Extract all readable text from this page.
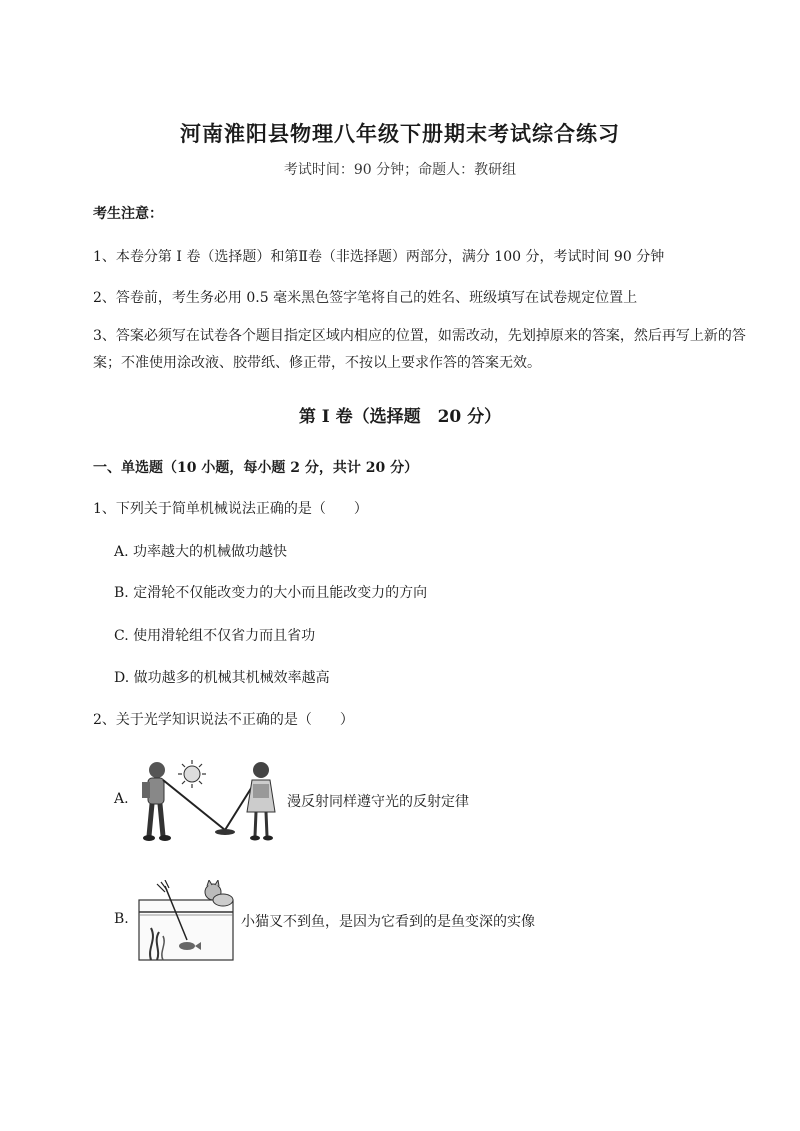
河南淮阳县物理八年级下册期末考试综合练习
考试时间：90 分钟；命题人：教研组
考生注意：
1、本卷分第 I 卷（选择题）和第Ⅱ卷（非选择题）两部分，满分 100 分，考试时间 90 分钟
2、答卷前，考生务必用 0.5 毫米黑色签字笔将自己的姓名、班级填写在试卷规定位置上
3、答案必须写在试卷各个题目指定区域内相应的位置，如需改动，先划掉原来的答案，然后再写上新的答案；不准使用涂改液、胶带纸、修正带，不按以上要求作答的答案无效。
第 I 卷（选择题　20 分）
一、单选题（10 小题，每小题 2 分，共计 20 分）
1、下列关于简单机械说法正确的是（　　）
A. 功率越大的机械做功越快
B. 定滑轮不仅能改变力的大小而且能改变力的方向
C. 使用滑轮组不仅省力而且省功
D. 做功越多的机械其机械效率越高
2、关于光学知识说法不正确的是（　　）
A.	漫反射同样遵守光的反射定律
B.	小猫叉不到鱼，是因为它看到的是鱼变深的实像
